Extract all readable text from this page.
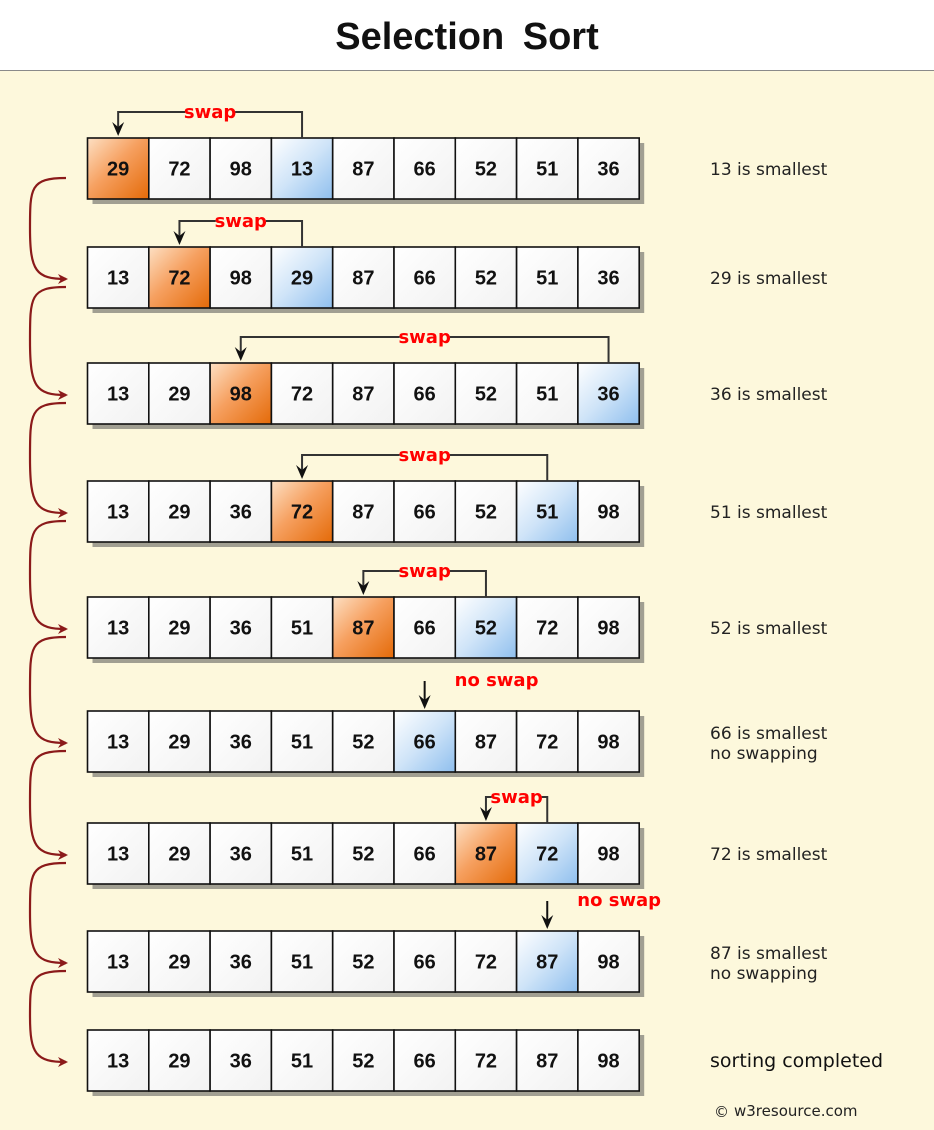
Selection Sort
29 72 98 13 87 66 52 51 36
swap
13 is smallest
13 72 98 29 87 66 52 51 36
swap
29 is smallest
13 29 98 72 87 66 52 51 36
swap
36 is smallest
13 29 36 72 87 66 52 51 98
swap
51 is smallest
13 29 36 51 87 66 52 72 98
swap
52 is smallest
13 29 36 51 52 66 87 72 98
no swap
66 is smallest
no swapping
13 29 36 51 52 66 87 72 98
swap
72 is smallest
13 29 36 51 52 66 72 87 98
no swap
87 is smallest
no swapping
13 29 36 51 52 66 72 87 98	sorting completed
© w3resource.com
